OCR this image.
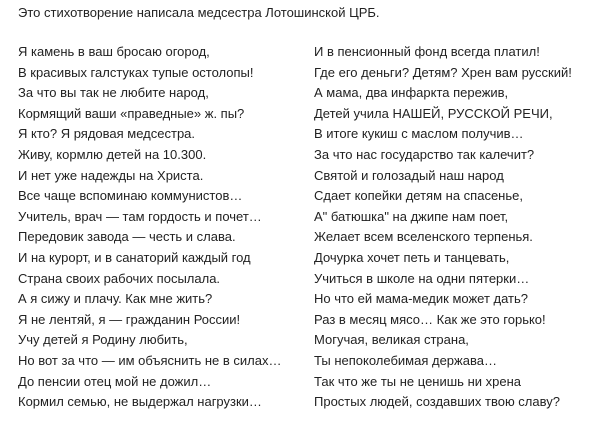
Это стихотворение написала медсестра Лотошинской ЦРБ.
Я камень в ваш бросаю огород,
В красивых галстуках тупые остолопы!
За что вы так не любите народ,
Кормящий ваши «праведные» ж. пы?
Я кто? Я рядовая медсестра.
Живу, кормлю детей на 10.300.
И нет уже надежды на Христа.
Все чаще вспоминаю коммунистов…
Учитель, врач — там гордость и почет…
Передовик завода — честь и слава.
И на курорт, и в санаторий каждый год
Страна своих рабочих посылала.
А я сижу и плачу. Как мне жить?
Я не лентяй, я — гражданин России!
Учу детей я Родину любить,
Но вот за что — им объяснить не в силах…
До пенсии отец мой не дожил…
Кормил семью, не выдержал нагрузки…
И в пенсионный фонд всегда платил!
Где его деньги? Детям? Хрен вам русский!
А мама, два инфаркта пережив,
Детей учила НАШЕЙ, РУССКОЙ РЕЧИ,
В итоге кукиш с маслом получив…
За что нас государство так калечит?
Святой и голозадый наш народ
Сдает копейки детям на спасенье,
А" батюшка" на джипе нам поет,
Желает всем вселенского терпенья.
Дочурка хочет петь и танцевать,
Учиться в школе на одни пятерки…
Но что ей мама-медик может дать?
Раз в месяц мясо… Как же это горько!
Могучая, великая страна,
Ты непоколебимая держава…
Так что же ты не ценишь ни хрена
Простых людей, создавших твою славу?
